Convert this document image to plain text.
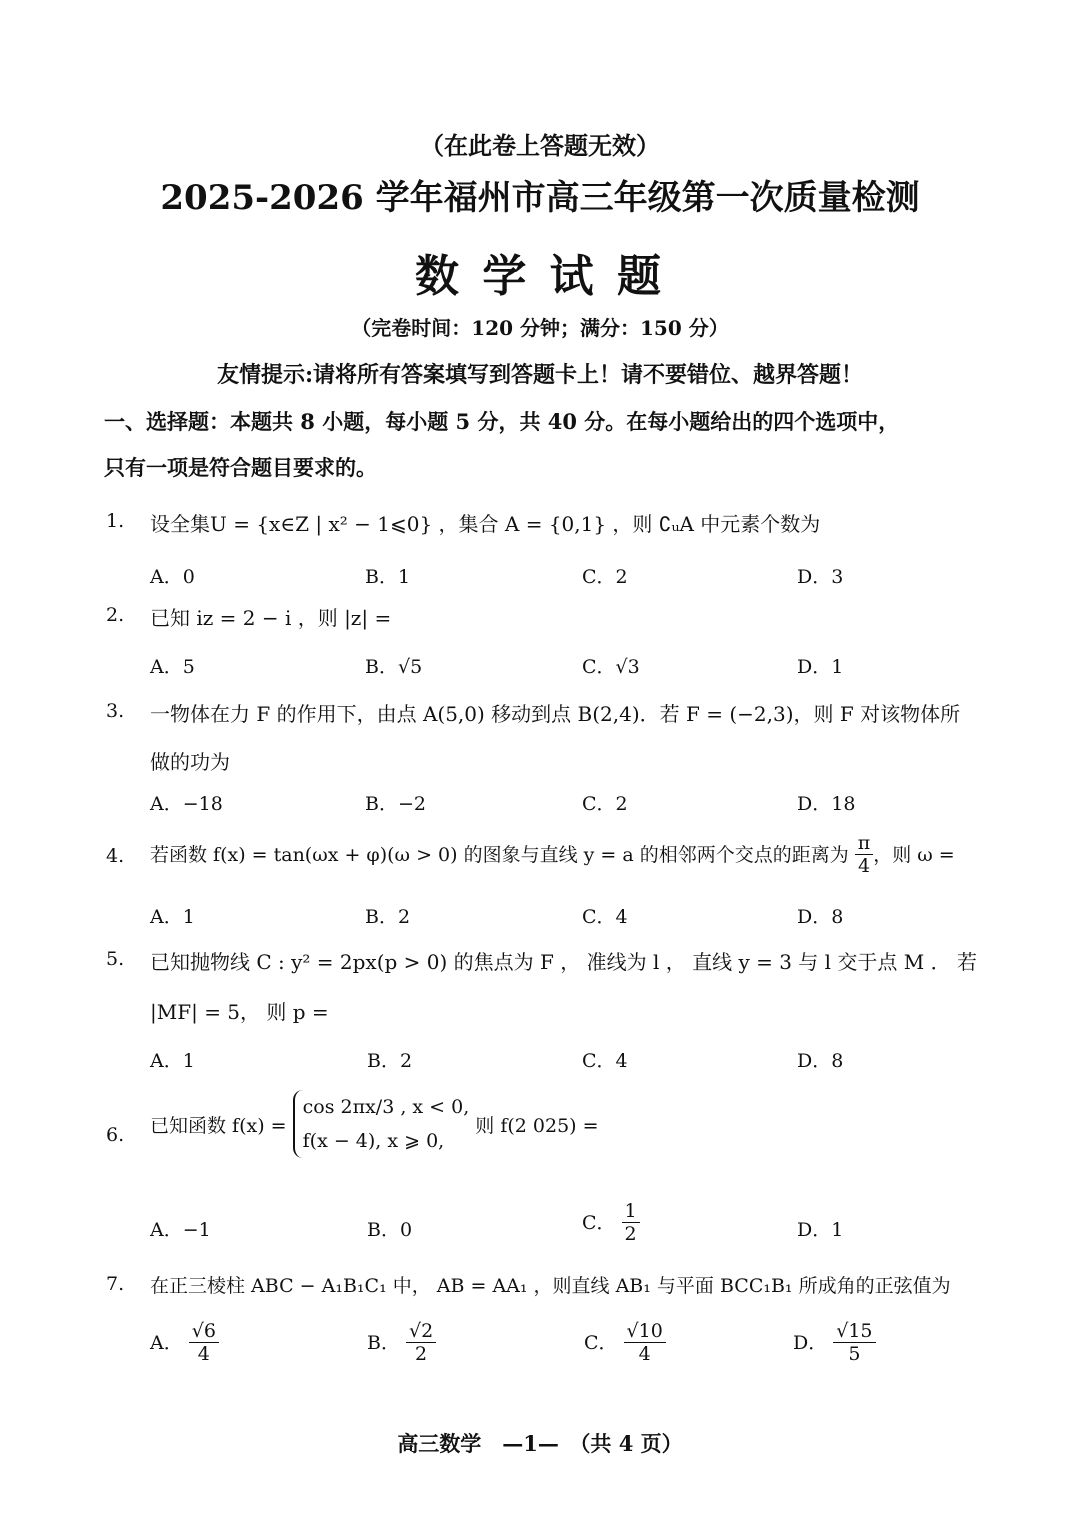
（在此卷上答题无效）
2025-2026 学年福州市高三年级第一次质量检测
数 学 试 题
（完卷时间：120 分钟；满分：150 分）
友情提示:请将所有答案填写到答题卡上！请不要错位、越界答题！
一、选择题：本题共 8 小题，每小题 5 分，共 40 分。在每小题给出的四个选项中，
只有一项是符合题目要求的。
1. 设全集U = {x∈Z | x² − 1⩽0} ，集合 A = {0,1} ，则 ∁ᵤA 中元素个数为
A．0	B．1	C．2	D．3
2. 已知 iz = 2 − i ，则 |z| =
A．5	B．√5	C．√3	D．1
3. 一物体在力 F 的作用下，由点 A(5,0) 移动到点 B(2,4)．若 F = (−2,3)，则 F 对该物体所
做的功为
A．−18	B．−2	C．2	D．18
4. 若函数 f(x) = tan(ωx + φ)(ω > 0) 的图象与直线 y = a 的相邻两个交点的距离为 $\frac{\pi}{4}$ ，则 ω =
A．1	B．2	C．4	D．8
5. 已知抛物线 C : y² = 2px(p > 0) 的焦点为 F ， 准线为 l ， 直线 y = 3 与 l 交于点 M ． 若
|MF| = 5， 则 p =
A．1	B．2	C．4	D．8
6. 已知函数 f(x) =
cos 2πx/3 , x < 0,
f(x − 4), x ⩾ 0,
则 f(2 025) =
A．−1	B．0	C． $\frac{1}{2}$	D．1
7. 在正三棱柱 ABC − A₁B₁C₁ 中， AB = AA₁ ，则直线 AB₁ 与平面 BCC₁B₁ 所成角的正弦值为
A． $\frac{√6}{4}$	B． $\frac{√2}{2}$	C． $\frac{√10}{4}$	D． $\frac{√15}{5}$
高三数学　—1—　（共 4 页）
